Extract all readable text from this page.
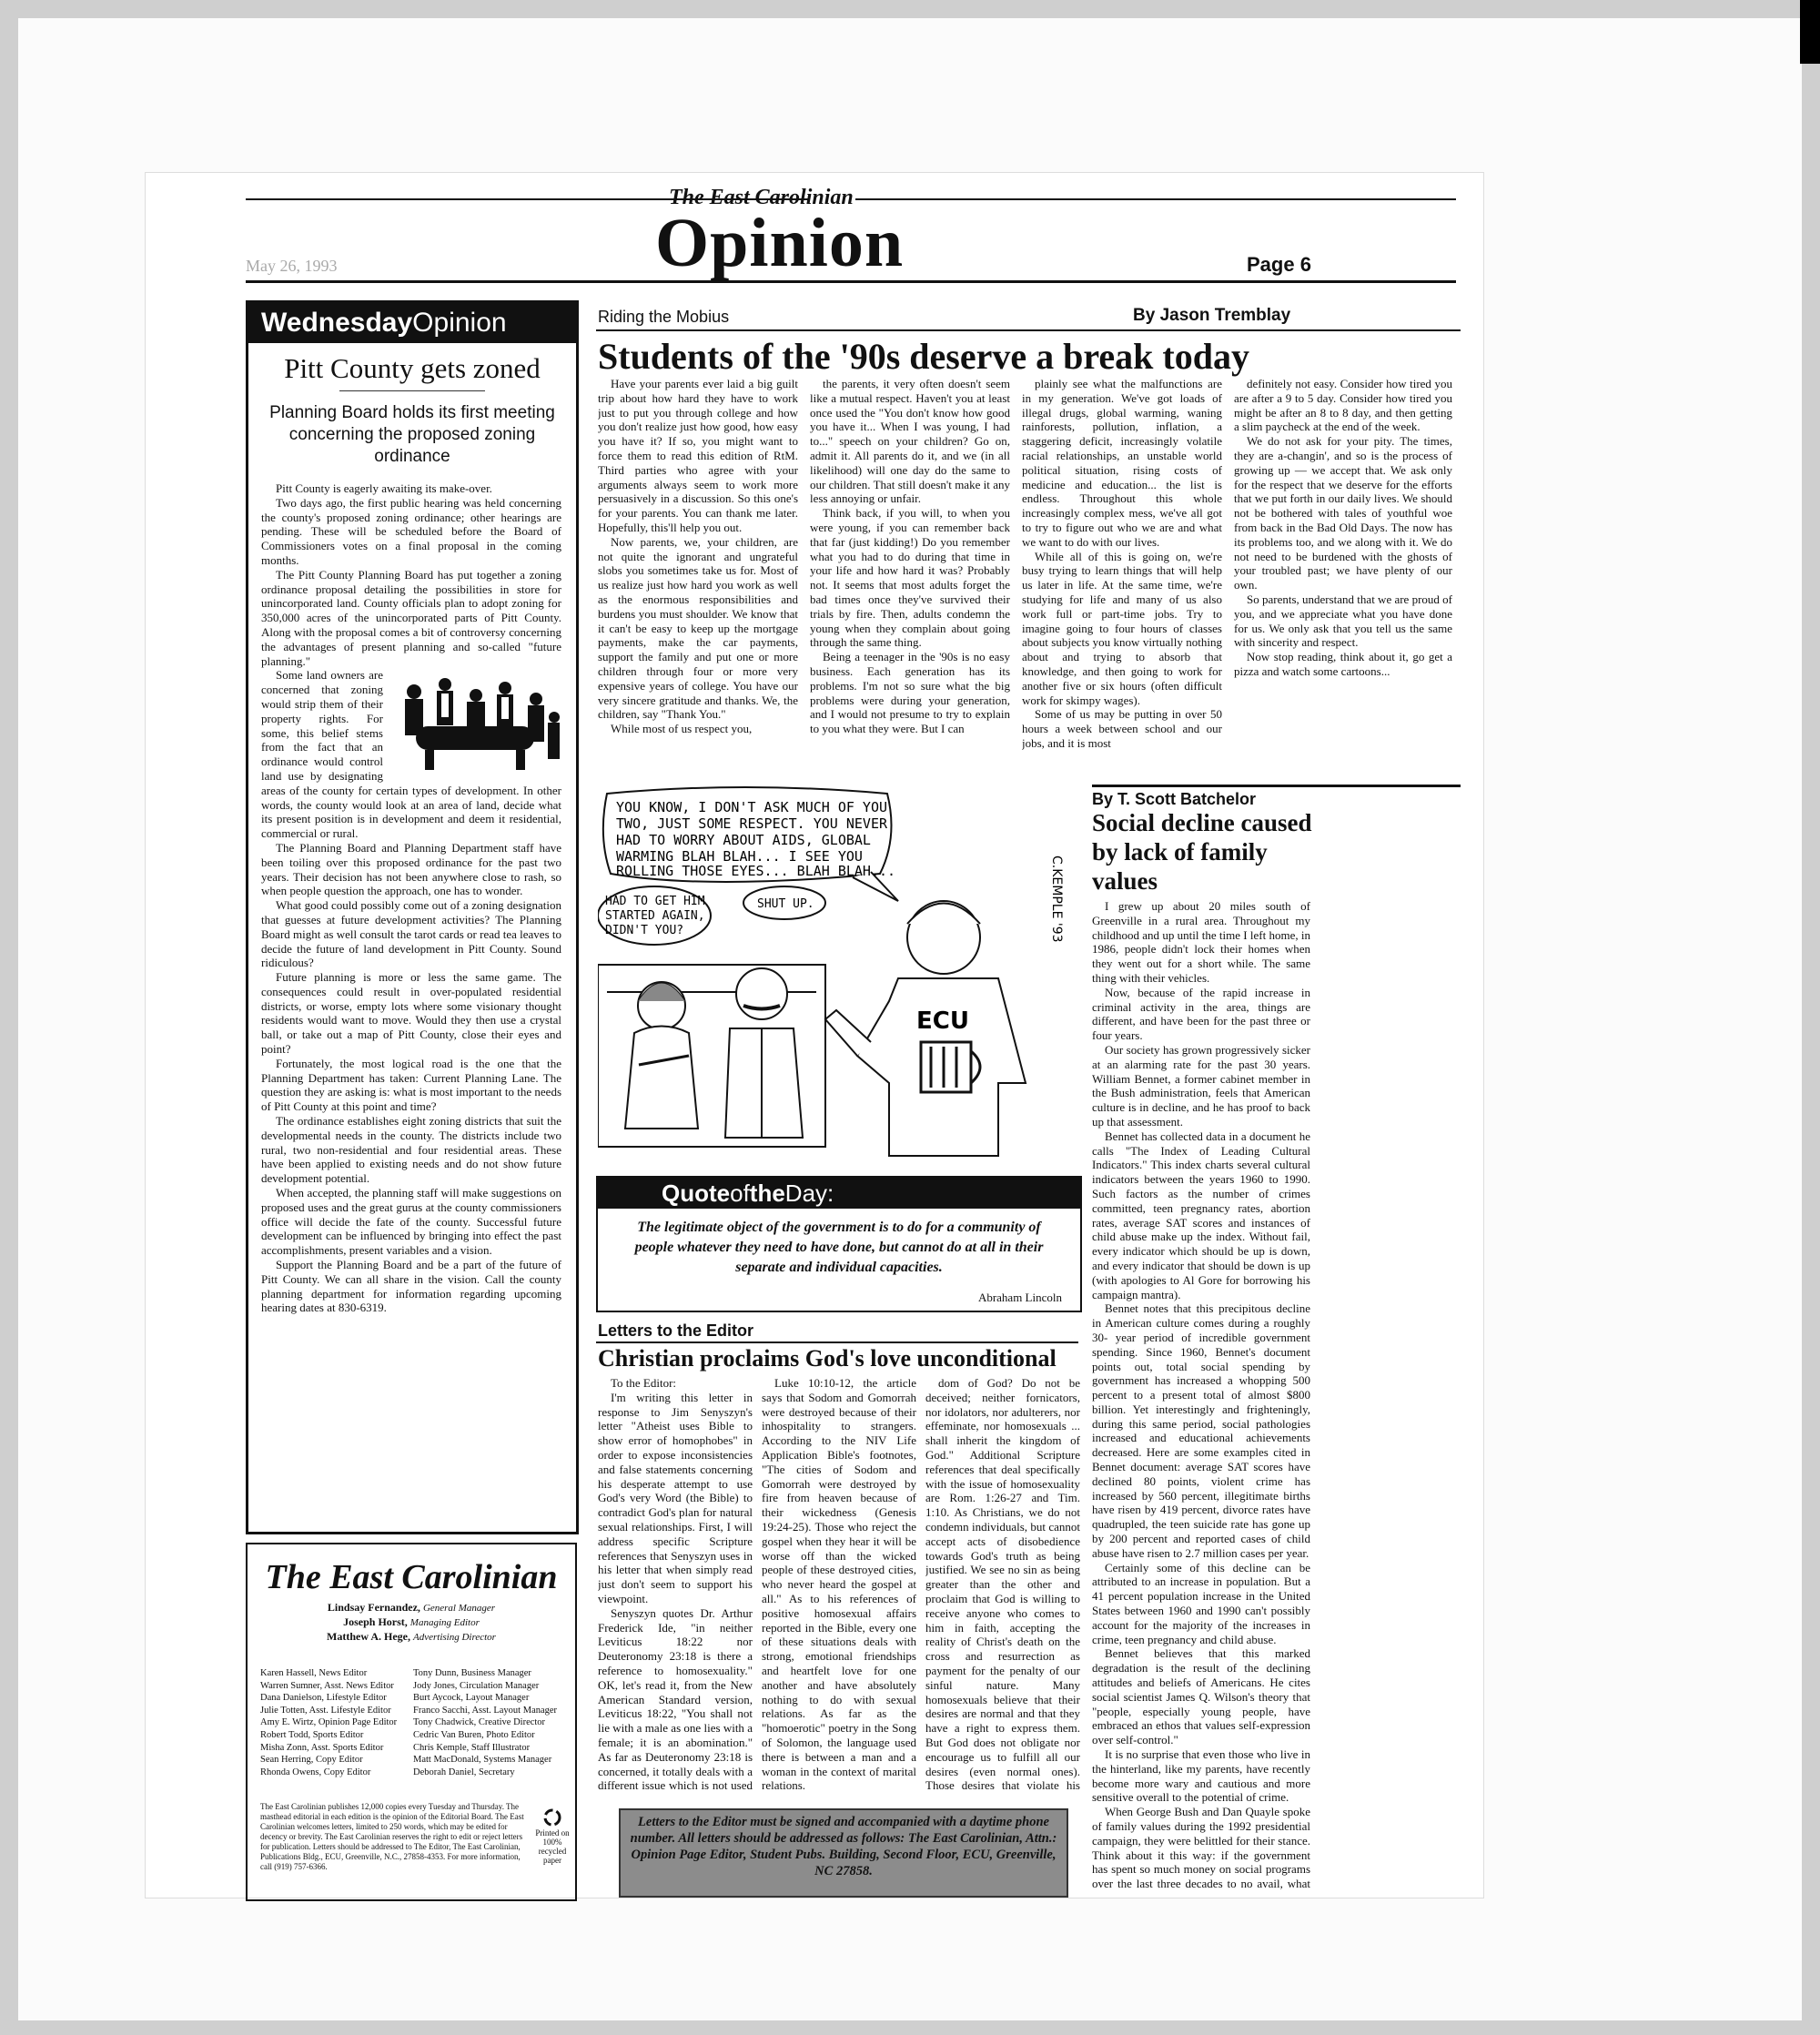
The East Carolinian
Opinion
May 26, 1993	Page 6
WednesdayOpinion
Pitt County gets zoned
Planning Board holds its first meeting concerning the proposed zoning ordinance

Pitt County is eagerly awaiting its make-over.

Two days ago, the first public hearing was held concerning the county's proposed zoning ordinance; other hearings are pending. These will be scheduled before the Board of Commissioners votes on a final proposal in the coming months.

The Pitt County Planning Board has put together a zoning ordinance proposal detailing the possibilities in store for unincorporated land. County officials plan to adopt zoning for 350,000 acres of the unincorporated parts of Pitt County. Along with the proposal comes a bit of controversy concerning the advantages of present planning and so-called "future planning."

Some land owners are concerned that zoning would strip them of their property rights. For some, this belief stems from the fact that an ordinance would control land use by designating areas of the county for certain types of development. In other words, the county would look at an area of land, decide what its present position is in development and deem it residential, commercial or rural.

The Planning Board and Planning Department staff have been toiling over this proposed ordinance for the past two years. Their decision has not been anywhere close to rash, so when people question the approach, one has to wonder.

What good could possibly come out of a zoning designation that guesses at future development activities? The Planning Board might as well consult the tarot cards or read tea leaves to decide the future of land development in Pitt County. Sound ridiculous?

Future planning is more or less the same game. The consequences could result in over-populated residential districts, or worse, empty lots where some visionary thought residents would want to move. Would they then use a crystal ball, or take out a map of Pitt County, close their eyes and point?

Fortunately, the most logical road is the one that the Planning Department has taken: Current Planning Lane. The question they are asking is: what is most important to the needs of Pitt County at this point and time?

The ordinance establishes eight zoning districts that suit the developmental needs in the county. The districts include two rural, two non-residential and four residential areas. These have been applied to existing needs and do not show future development potential.

When accepted, the planning staff will make suggestions on proposed uses and the great gurus at the county commissioners office will decide the fate of the county. Successful future development can be influenced by bringing into effect the past accomplishments, present variables and a vision.

Support the Planning Board and be a part of the future of Pitt County. We can all share in the vision. Call the county planning department for information regarding upcoming hearing dates at 830-6319.

The East Carolinian
Lindsay Fernandez, General Manager
Joseph Horst, Managing Editor
Matthew A. Hege, Advertising Director
Karen Hassell, News Editor
Warren Sumner, Asst. News Editor
Dana Danielson, Lifestyle Editor
Julie Totten, Asst. Lifestyle Editor
Amy E. Wirtz, Opinion Page Editor
Robert Todd, Sports Editor
Misha Zonn, Asst. Sports Editor
Sean Herring, Copy Editor
Rhonda Owens, Copy Editor
Tony Dunn, Business Manager
Jody Jones, Circulation Manager
Burt Aycock, Layout Manager
Franco Sacchi, Asst. Layout Manager
Tony Chadwick, Creative Director
Cedric Van Buren, Photo Editor
Chris Kemple, Staff Illustrator
Matt MacDonald, Systems Manager
Deborah Daniel, Secretary
The East Carolinian publishes 12,000 copies every Tuesday and Thursday. The masthead editorial in each edition is the opinion of the Editorial Board. The East Carolinian welcomes letters, limited to 250 words, which may be edited for decency or brevity. The East Carolinian reserves the right to edit or reject letters for publication. Letters should be addressed to The Editor, The East Carolinian, Publications Bldg., ECU, Greenville, N.C., 27858-4353. For more information, call (919) 757-6366.
Printed on 100% recycled paper
Riding the Mobius	By Jason Tremblay
Students of the '90s deserve a break today

Have your parents ever laid a big guilt trip about how hard they have to work just to put you through college and how you don't realize just how good, how easy you have it? If so, you might want to force them to read this edition of RtM. Third parties who agree with your arguments always seem to work more persuasively in a discussion. So this one's for your parents. You can thank me later. Hopefully, this'll help you out.

Now parents, we, your children, are not quite the ignorant and ungrateful slobs you sometimes take us for. Most of us realize just how hard you work as well as the enormous responsibilities and burdens you must shoulder. We know that it can't be easy to keep up the mortgage payments, make the car payments, support the family and put one or more children through four or more very expensive years of college. You have our very sincere gratitude and thanks. We, the children, say "Thank You."

While most of us respect you,

the parents, it very often doesn't seem like a mutual respect. Haven't you at least once used the "You don't know how good you have it... When I was young, I had to..." speech on your children? Go on, admit it. All parents do it, and we (in all likelihood) will one day do the same to our children. That still doesn't make it any less annoying or unfair.

Think back, if you will, to when you were young, if you can remember back that far (just kidding!) Do you remember what you had to do during that time in your life and how hard it was? Probably not. It seems that most adults forget the bad times once they've survived their trials by fire. Then, adults condemn the young when they complain about going through the same thing.

Being a teenager in the '90s is no easy business. Each generation has its problems. I'm not so sure what the big problems were during your generation, and I would not presume to try to explain to you what they were. But I can

plainly see what the malfunctions are in my generation. We've got loads of illegal drugs, global warming, waning rainforests, pollution, inflation, a staggering deficit, increasingly volatile racial relationships, an unstable world political situation, rising costs of medicine and education... the list is endless. Throughout this whole increasingly complex mess, we've all got to try to figure out who we are and what we want to do with our lives.

While all of this is going on, we're busy trying to learn things that will help us later in life. At the same time, we're studying for life and many of us also work full or part-time jobs. Try to imagine going to four hours of classes about subjects you know virtually nothing about and trying to absorb that knowledge, and then going to work for another five or six hours (often difficult work for skimpy wages).

Some of us may be putting in over 50 hours a week between school and our jobs, and it is most

definitely not easy. Consider how tired you are after a 9 to 5 day. Consider how tired you might be after an 8 to 8 day, and then getting a slim paycheck at the end of the week.

We do not ask for your pity. The times, they are a-changin', and so is the process of growing up — we accept that. We ask only for the respect that we deserve for the efforts that we put forth in our daily lives. We should not be bothered with tales of youthful woe from back in the Bad Old Days. The now has its problems too, and we along with it. We do not need to be burdened with the ghosts of your troubled past; we have plenty of our own.

So parents, understand that we are proud of you, and we appreciate what you have done for us. We only ask that you tell us the same with sincerity and respect.

Now stop reading, think about it, go get a pizza and watch some cartoons...

YOU KNOW, I DON'T ASK MUCH OF YOU
TWO, JUST SOME RESPECT. YOU NEVER
HAD TO WORRY ABOUT AIDS, GLOBAL
WARMING BLAH BLAH... I SEE YOU
ROLLING THOSE EYES... BLAH BLAH...
HAD TO GET HIM
STARTED AGAIN,
DIDN'T YOU?
SHUT UP.
ECU
C.KEMPLE '93
QuoteoftheDay:
The legitimate object of the government is to do for a community of people whatever they need to have done, but cannot do at all in their separate and individual capacities.
Abraham Lincoln
Letters to the Editor
Christian proclaims God's love unconditional

To the Editor:

I'm writing this letter in response to Jim Senyszyn's letter "Atheist uses Bible to show error of homophobes" in order to expose inconsistencies and false statements concerning his desperate attempt to use God's very Word (the Bible) to contradict God's plan for natural sexual relationships. First, I will address specific Scripture references that Senyszyn uses in his letter that when simply read just don't seem to support his viewpoint.

Senyszyn quotes Dr. Arthur Frederick Ide, "in neither Leviticus 18:22 nor Deuteronomy 23:18 is there a reference to homosexuality." OK, let's read it, from the New American Standard version, Leviticus 18:22, "You shall not lie with a male as one lies with a female; it is an abomination." As far as Deuteronomy 23:18 is concerned, it totally deals with a different issue which is not used

Luke 10:10-12, the article says that Sodom and Gomorrah were destroyed because of their inhospitality to strangers. According to the NIV Life Application Bible's footnotes, "The cities of Sodom and Gomorrah were destroyed by fire from heaven because of their wickedness (Genesis 19:24-25). Those who reject the gospel when they hear it will be worse off than the wicked people of these destroyed cities, who never heard the gospel at all." As to his references of positive homosexual affairs reported in the Bible, every one of these situations deals with strong, emotional friendships and heartfelt love for one another and have absolutely nothing to do with sexual relations. As far as the "homoerotic" poetry in the Song of Solomon, the language used there is between a man and a woman in the context of marital relations.

dom of God? Do not be deceived; neither fornicators, nor idolators, nor adulterers, nor effeminate, nor homosexuals ... shall inherit the kingdom of God." Additional Scripture references that deal specifically with the issue of homosexuality are Rom. 1:26-27 and Tim. 1:10. As Christians, we do not condemn individuals, but cannot accept acts of disobedience towards God's truth as being justified. We see no sin as being greater than the other and proclaim that God is willing to receive anyone who comes to him in faith, accepting the reality of Christ's death on the cross and resurrection as payment for the penalty of our sinful nature. Many homosexuals believe that their desires are normal and that they have a right to express them. But God does not obligate nor encourage us to fulfill all our desires (even normal ones). Those desires that violate his

Letters to the Editor must be signed and accompanied with a daytime phone number. All letters should be addressed as follows: The East Carolinian, Attn.: Opinion Page Editor, Student Pubs. Building, Second Floor, ECU, Greenville, NC 27858.
By T. Scott Batchelor
Social decline caused by lack of family values

I grew up about 20 miles south of Greenville in a rural area. Throughout my childhood and up until the time I left home, in 1986, people didn't lock their homes when they went out for a short while. The same thing with their vehicles.

Now, because of the rapid increase in criminal activity in the area, things are different, and have been for the past three or four years.

Our society has grown progressively sicker at an alarming rate for the past 30 years. William Bennet, a former cabinet member in the Bush administration, feels that American culture is in decline, and he has proof to back up that assessment.

Bennet has collected data in a document he calls "The Index of Leading Cultural Indicators." This index charts several cultural indicators between the years 1960 to 1990. Such factors as the number of crimes committed, teen pregnancy rates, abortion rates, average SAT scores and instances of child abuse make up the index. Without fail, every indicator which should be up is down, and every indicator that should be down is up (with apologies to Al Gore for borrowing his campaign mantra).

Bennet notes that this precipitous decline in American culture comes during a roughly 30- year period of incredible government spending. Since 1960, Bennet's document points out, total social spending by government has increased a whopping 500 percent to a present total of almost $800 billion. Yet interestingly and frighteningly, during this same period, social pathologies increased and educational achievements decreased. Here are some examples cited in Bennet document: average SAT scores have declined 80 points, violent crime has increased by 560 percent, illegitimate births have risen by 419 percent, divorce rates have quadrupled, the teen suicide rate has gone up by 200 percent and reported cases of child abuse have risen to 2.7 million cases per year.

Certainly some of this decline can be attributed to an increase in population. But a 41 percent population increase in the United States between 1960 and 1990 can't possibly account for the majority of the increases in crime, teen pregnancy and child abuse.

Bennet believes that this marked degradation is the result of the declining attitudes and beliefs of Americans. He cites social scientist James Q. Wilson's theory that "people, especially young people, have embraced an ethos that values self-expression over self-control."

It is no surprise that even those who live in the hinterland, like my parents, have recently become more wary and cautious and more sensitive overall to the potential of crime.

When George Bush and Dan Quayle spoke of family values during the 1992 presidential campaign, they were belittled for their stance. Think about it this way: if the government has spent so much money on social programs over the last three decades to no avail, what
